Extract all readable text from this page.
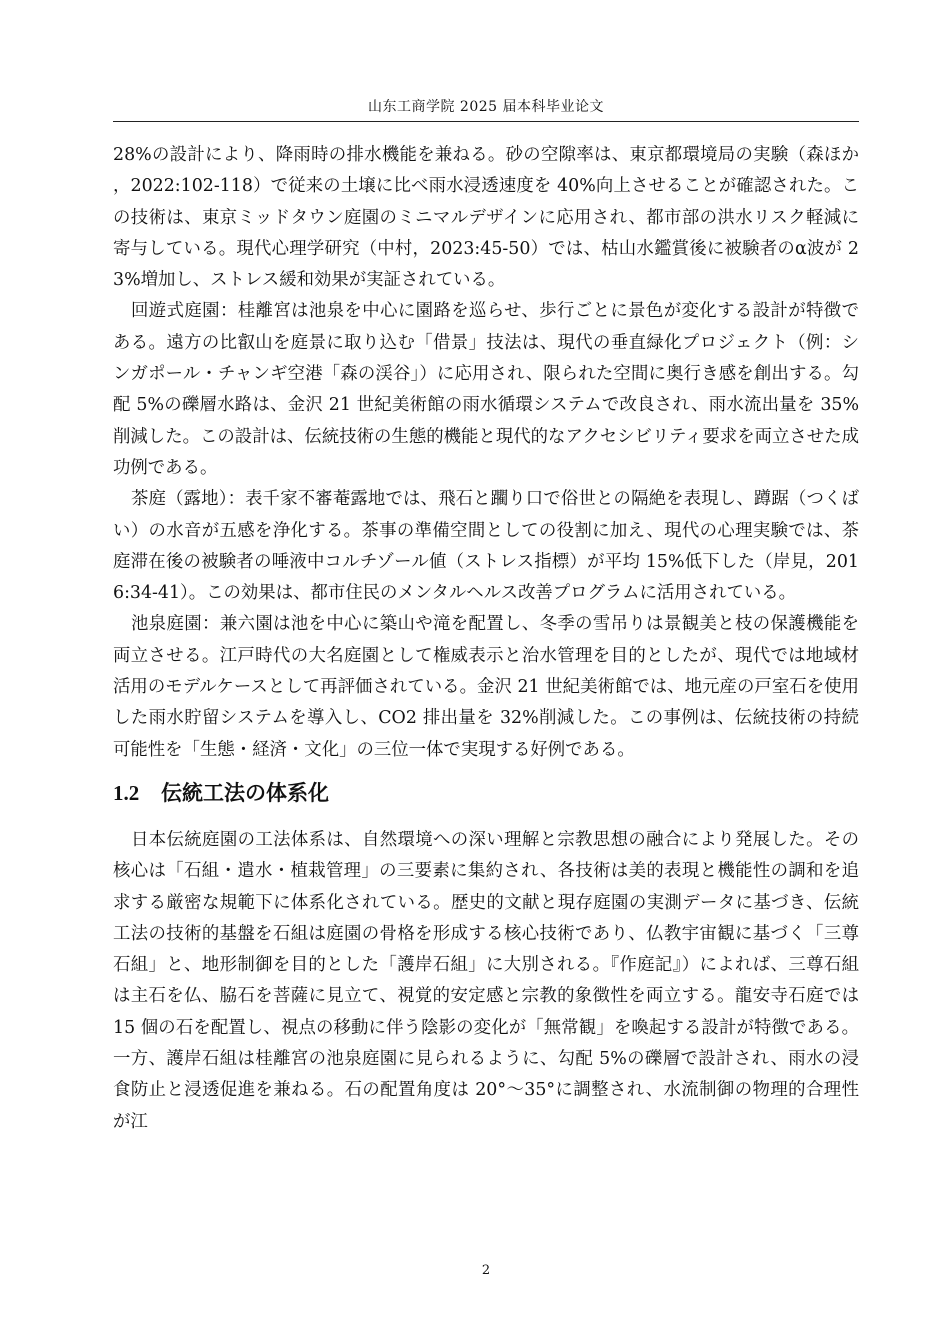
山东工商学院 2025 届本科毕业论文

28%の設計により、降雨時の排水機能を兼ねる。砂の空隙率は、東京都環境局の実験（森ほか，2022:102-118）で従来の土壌に比べ雨水浸透速度を 40%向上させることが確認された。この技術は、東京ミッドタウン庭園のミニマルデザインに応用され、都市部の洪水リスク軽減に寄与している。現代心理学研究（中村，2023:45-50）では、枯山水鑑賞後に被験者のα波が 23%増加し、ストレス緩和効果が実証されている。

回遊式庭園：桂離宮は池泉を中心に園路を巡らせ、歩行ごとに景色が変化する設計が特徴である。遠方の比叡山を庭景に取り込む「借景」技法は、現代の垂直緑化プロジェクト（例：シンガポール・チャンギ空港「森の渓谷」）に応用され、限られた空間に奥行き感を創出する。勾配 5%の礫層水路は、金沢 21 世紀美術館の雨水循環システムで改良され、雨水流出量を 35%削減した。この設計は、伝統技術の生態的機能と現代的なアクセシビリティ要求を両立させた成功例である。

茶庭（露地）：表千家不審菴露地では、飛石と躙り口で俗世との隔絶を表現し、蹲踞（つくばい）の水音が五感を浄化する。茶事の準備空間としての役割に加え、現代の心理実験では、茶庭滞在後の被験者の唾液中コルチゾール値（ストレス指標）が平均 15%低下した（岸見，2016:34-41）。この効果は、都市住民のメンタルヘルス改善プログラムに活用されている。

池泉庭園：兼六園は池を中心に築山や滝を配置し、冬季の雪吊りは景観美と枝の保護機能を両立させる。江戸時代の大名庭園として権威表示と治水管理を目的としたが、現代では地域材活用のモデルケースとして再評価されている。金沢 21 世紀美術館では、地元産の戸室石を使用した雨水貯留システムを導入し、CO2 排出量を 32%削減した。この事例は、伝統技術の持続可能性を「生態・経済・文化」の三位一体で実現する好例である。

1.2 伝統工法の体系化

日本伝統庭園の工法体系は、自然環境への深い理解と宗教思想の融合により発展した。その核心は「石組・遣水・植栽管理」の三要素に集約され、各技術は美的表現と機能性の調和を追求する厳密な規範下に体系化されている。歴史的文献と現存庭園の実測データに基づき、伝統工法の技術的基盤を石組は庭園の骨格を形成する核心技術であり、仏教宇宙観に基づく「三尊石組」と、地形制御を目的とした「護岸石組」に大別される。『作庭記』）によれば、三尊石組は主石を仏、脇石を菩薩に見立て、視覚的安定感と宗教的象徴性を両立する。龍安寺石庭では 15 個の石を配置し、視点の移動に伴う陰影の変化が「無常観」を喚起する設計が特徴である。一方、護岸石組は桂離宮の池泉庭園に見られるように、勾配 5%の礫層で設計され、雨水の浸食防止と浸透促進を兼ねる。石の配置角度は 20°〜35°に調整され、水流制御の物理的合理性が江

2
